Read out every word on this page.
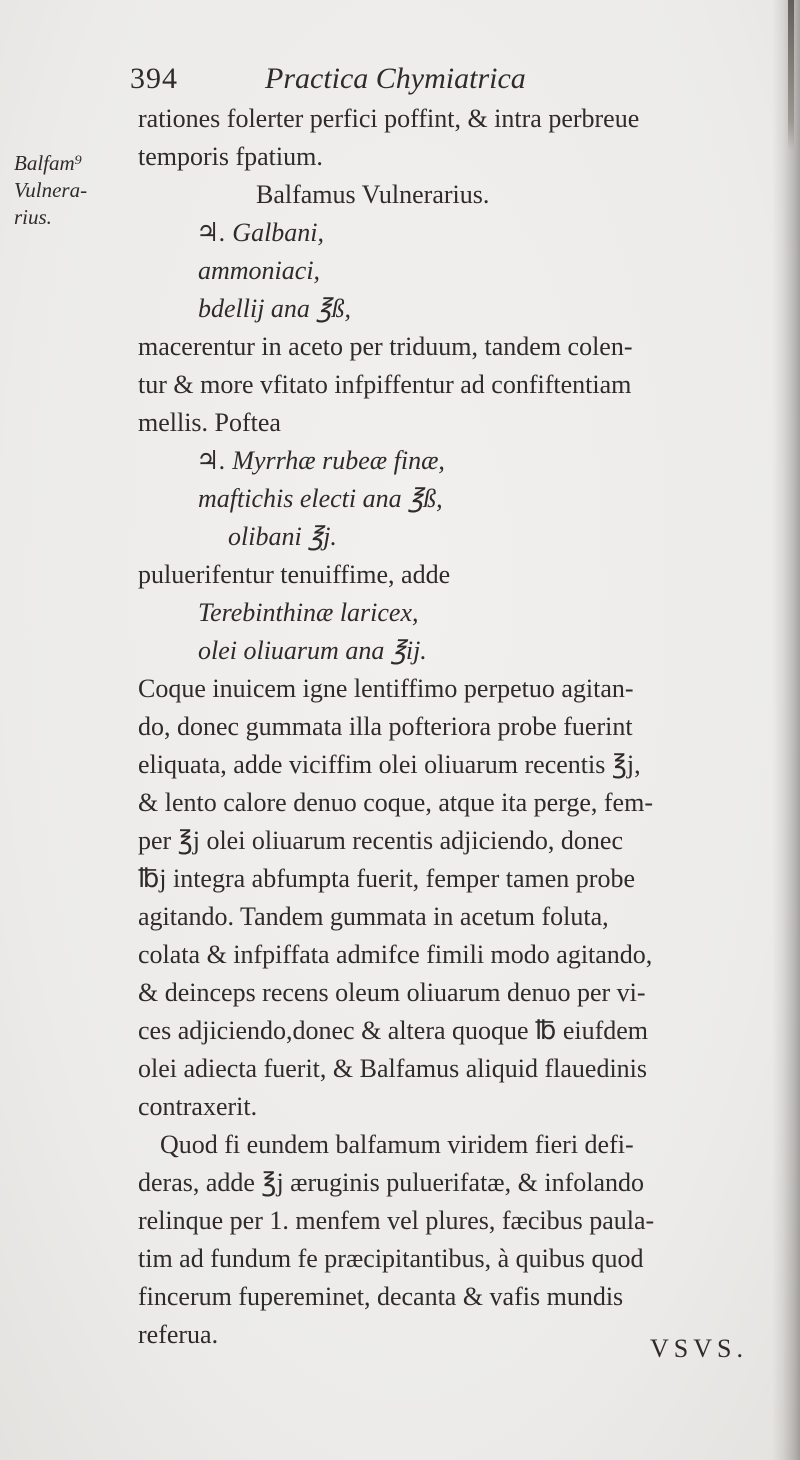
394	Practica Chymiatrica
Balfam⁹
Vulnera-
rius.
rationes folerter perfici poffint, & intra perbreue
temporis fpatium.
Balfamus Vulnerarius.
♃. Galbani,
ammoniaci,
bdellij ana ℥ß,
macerentur in aceto per triduum, tandem colen-
tur & more vfitato infpiffentur ad confiftentiam
mellis. Poftea
♃. Myrrhæ rubeæ finæ,
maftichis electi ana ℥ß,
olibani ℥j.
puluerifentur tenuiffime, adde
Terebinthinæ laricex,
olei oliuarum ana ℥ij.
Coque inuicem igne lentiffimo perpetuo agitan-
do, donec gummata illa pofteriora probe fuerint
eliquata, adde viciffim olei oliuarum recentis ℥j,
& lento calore denuo coque, atque ita perge, fem-
per ℥j olei oliuarum recentis adjiciendo, donec
℔j integra abfumpta fuerit, femper tamen probe
agitando. Tandem gummata in acetum foluta,
colata & infpiffata admifce fimili modo agitando,
& deinceps recens oleum oliuarum denuo per vi-
ces adjiciendo,donec & altera quoque ℔ eiufdem
olei adiecta fuerit, & Balfamus aliquid flauedinis
contraxerit.
Quod fi eundem balfamum viridem fieri defi-
deras, adde ℥j æruginis puluerifatæ, & infolando
relinque per 1. menfem vel plures, fæcibus paula-
tim ad fundum fe præcipitantibus, à quibus quod
fincerum fupereminet, decanta & vafis mundis
referua.	VSVS.
